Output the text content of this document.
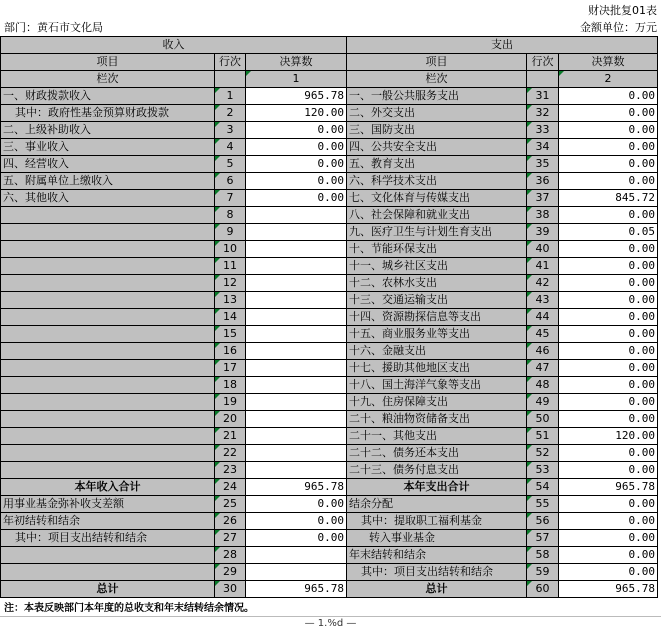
财决批复01表
部门：黄石市文化局	金额单位：万元
收入			支出		
项目	行次	决算数	项目	行次	决算数
栏次		1	栏次		2
一、财政拨款收入	1	965.78	一、一般公共服务支出	31	0.00
其中：政府性基金预算财政拨款	2	120.00	二、外交支出	32	0.00
二、上级补助收入	3	0.00	三、国防支出	33	0.00
三、事业收入	4	0.00	四、公共安全支出	34	0.00
四、经营收入	5	0.00	五、教育支出	35	0.00
五、附属单位上缴收入	6	0.00	六、科学技术支出	36	0.00
六、其他收入	7	0.00	七、文化体育与传媒支出	37	845.72
	8		八、社会保障和就业支出	38	0.00
	9		九、医疗卫生与计划生育支出	39	0.05
	10		十、节能环保支出	40	0.00
	11		十一、城乡社区支出	41	0.00
	12		十二、农林水支出	42	0.00
	13		十三、交通运输支出	43	0.00
	14		十四、资源勘探信息等支出	44	0.00
	15		十五、商业服务业等支出	45	0.00
	16		十六、金融支出	46	0.00
	17		十七、援助其他地区支出	47	0.00
	18		十八、国土海洋气象等支出	48	0.00
	19		十九、住房保障支出	49	0.00
	20		二十、粮油物资储备支出	50	0.00
	21		二十一、其他支出	51	120.00
	22		二十二、债务还本支出	52	0.00
	23		二十三、债务付息支出	53	0.00
本年收入合计	24	965.78	本年支出合计	54	965.78
用事业基金弥补收支差额	25	0.00	结余分配	55	0.00
年初结转和结余	26	0.00	其中：提取职工福利基金	56	0.00
其中：项目支出结转和结余	27	0.00	转入事业基金	57	0.00
	28		年末结转和结余	58	0.00
	29		其中：项目支出结转和结余	59	0.00
总计	30	965.78	总计	60	965.78
注：本表反映部门本年度的总收支和年末结转结余情况。
— 1.%d —
